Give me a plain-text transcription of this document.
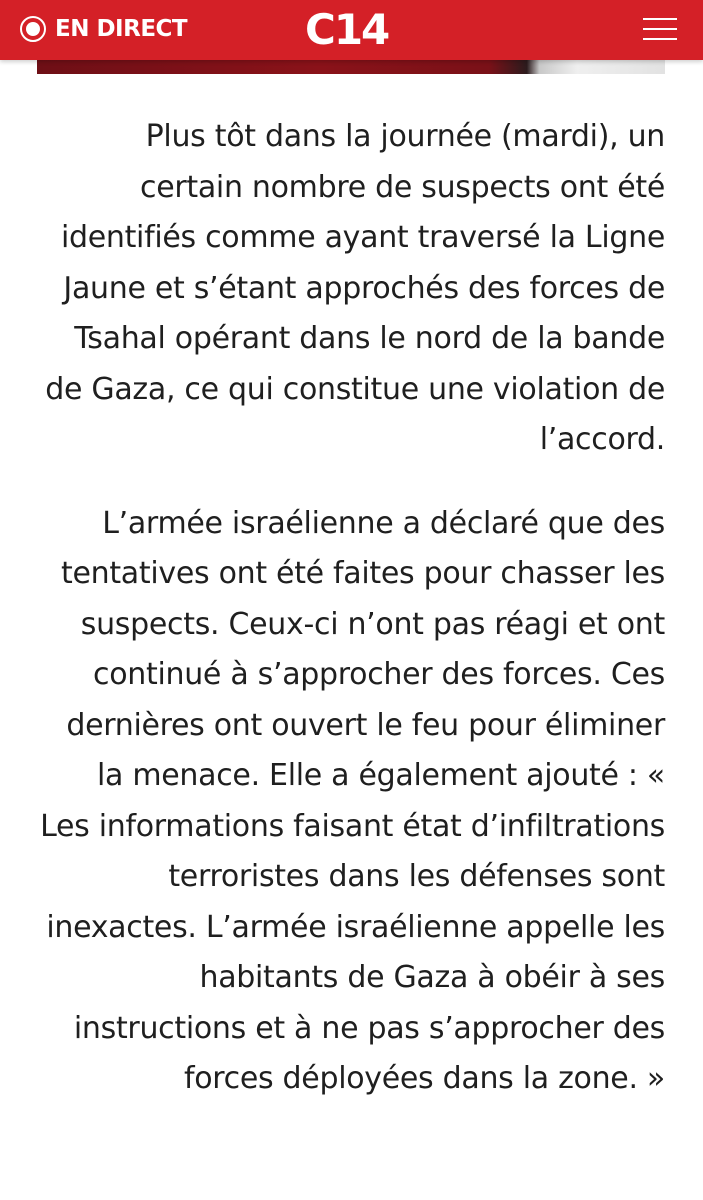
EN DIRECT	C14

Plus tôt dans la journée (mardi), un certain nombre de suspects ont été identifiés comme ayant traversé la Ligne Jaune et s’étant approchés des forces de Tsahal opérant dans le nord de la bande de Gaza, ce qui constitue une violation de l’accord.

L’armée israélienne a déclaré que des tentatives ont été faites pour chasser les suspects. Ceux-ci n’ont pas réagi et ont continué à s’approcher des forces. Ces dernières ont ouvert le feu pour éliminer la menace. Elle a également ajouté : « Les informations faisant état d’infiltrations terroristes dans les défenses sont inexactes. L’armée israélienne appelle les habitants de Gaza à obéir à ses instructions et à ne pas s’approcher des forces déployées dans la zone. »
